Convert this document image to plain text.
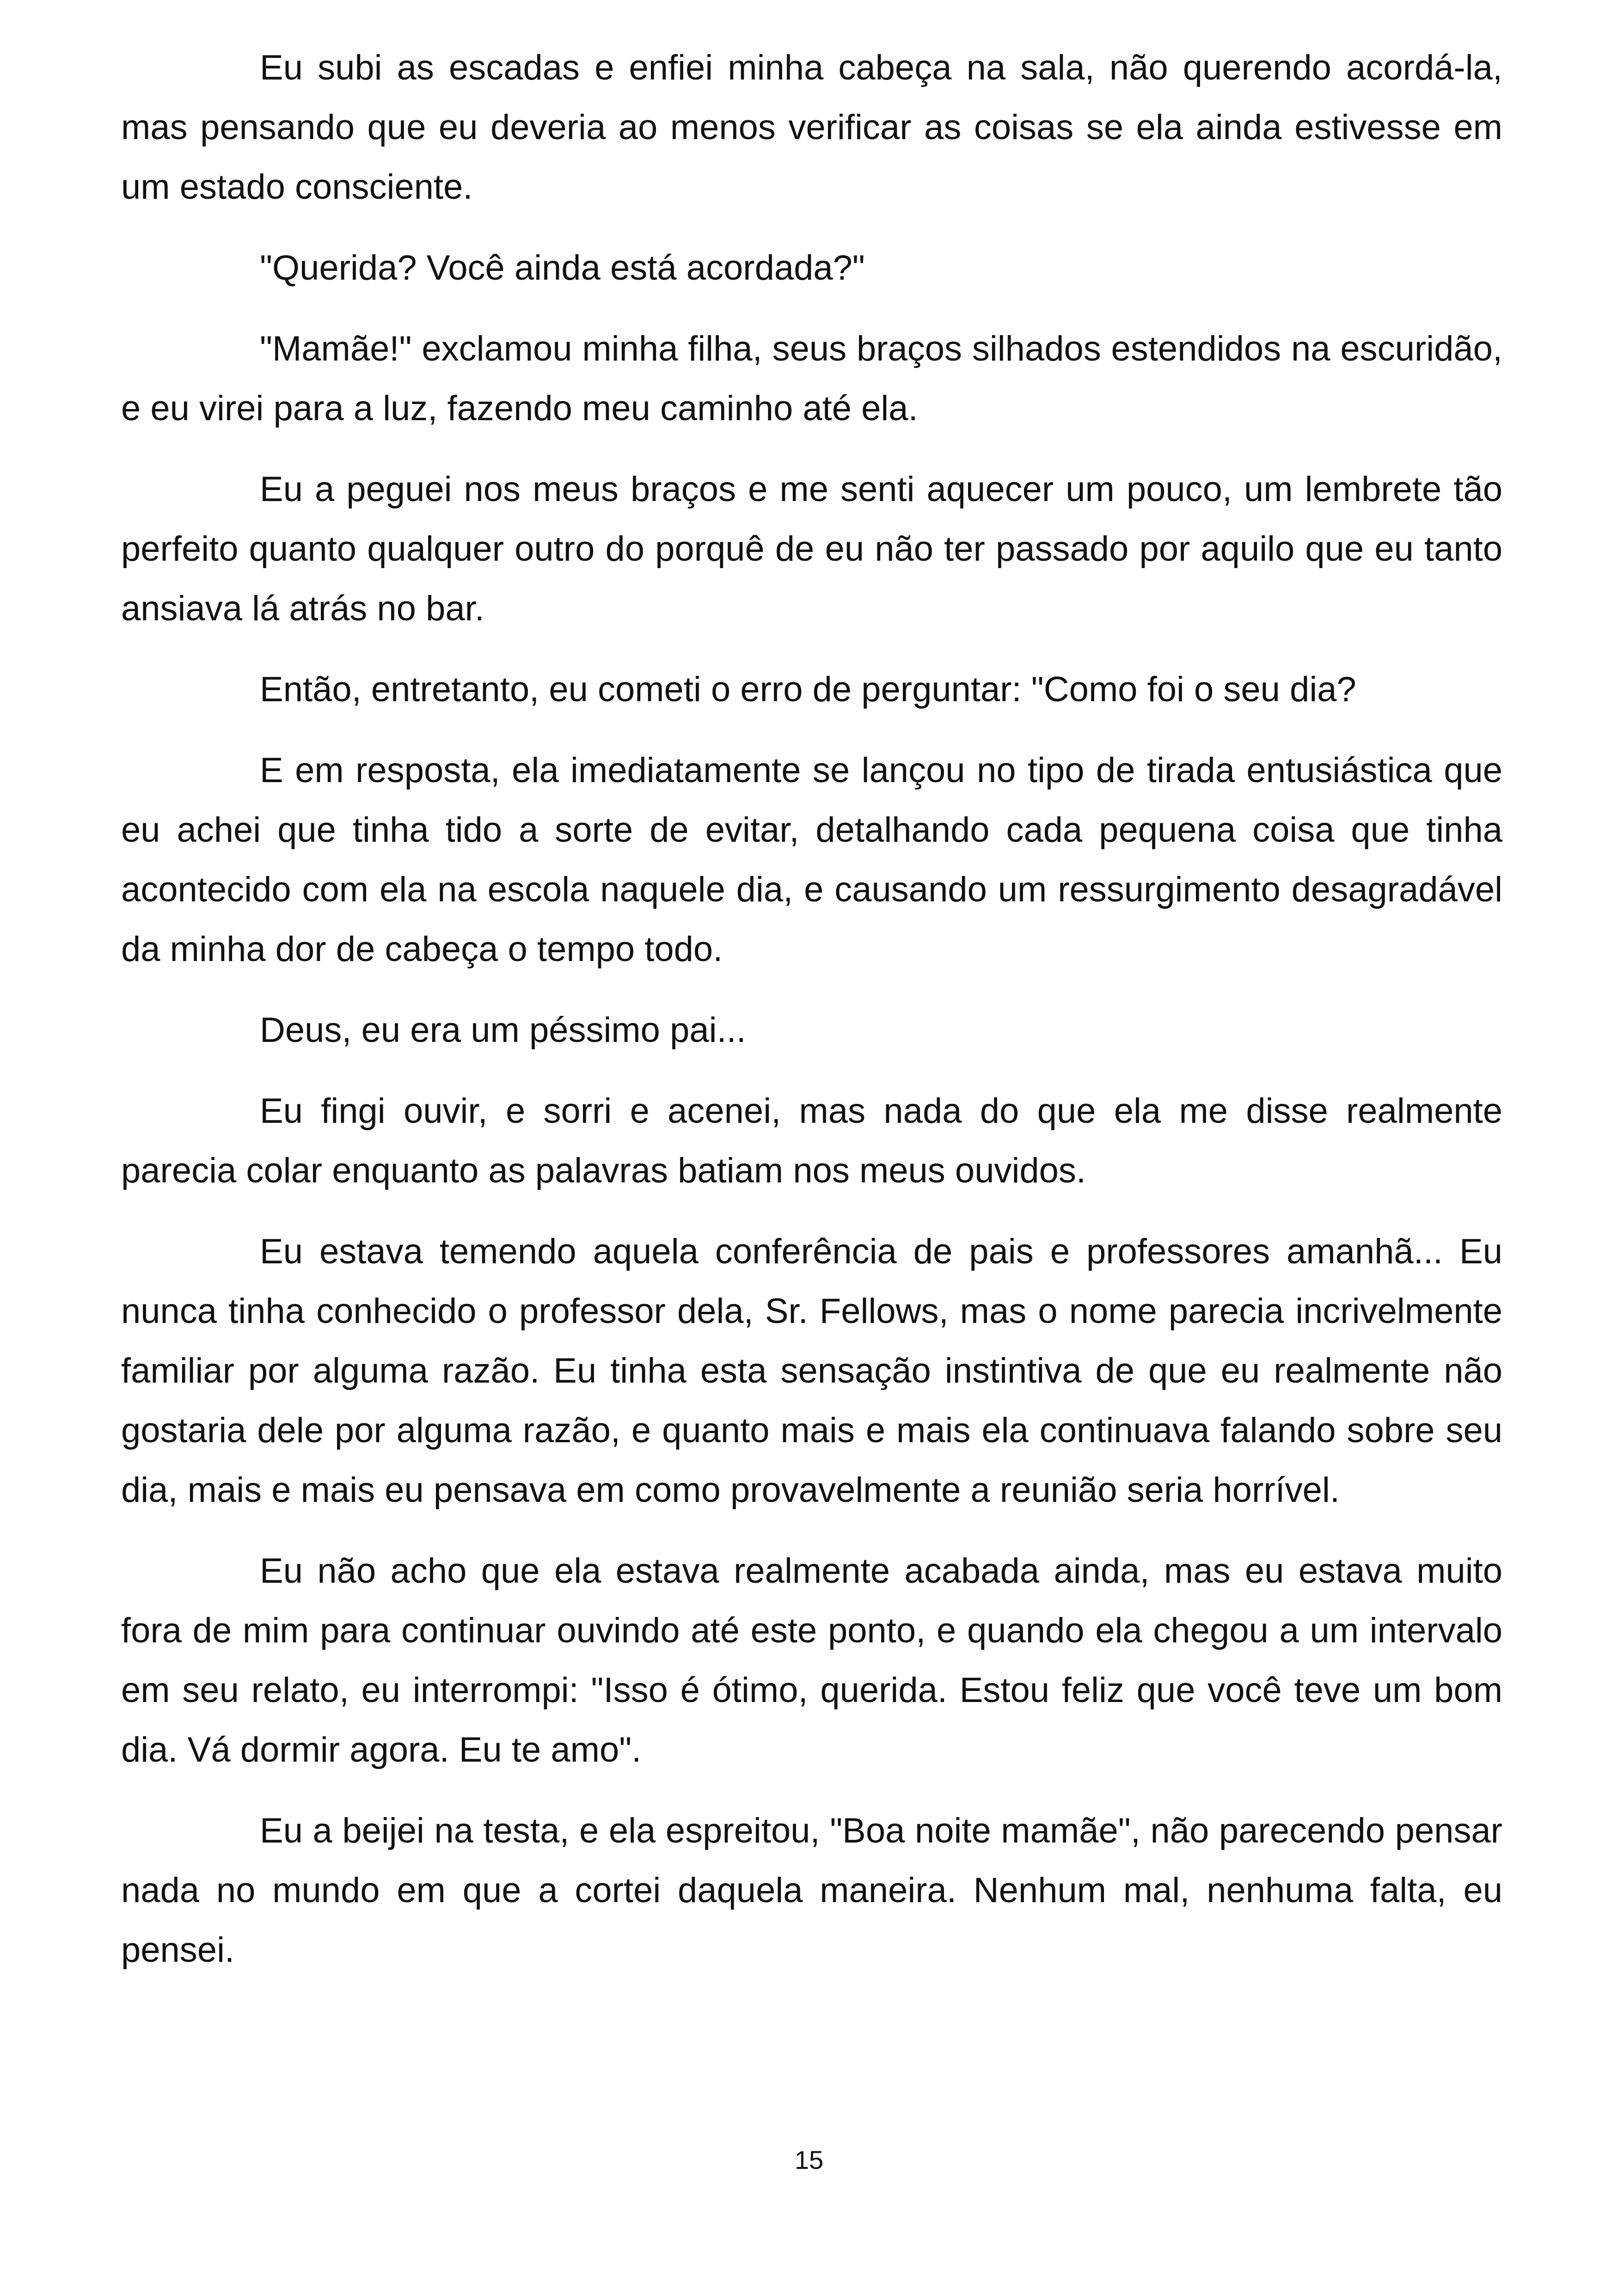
Eu subi as escadas e enfiei minha cabeça na sala, não querendo acordá-la, mas pensando que eu deveria ao menos verificar as coisas se ela ainda estivesse em um estado consciente.

"Querida? Você ainda está acordada?"

"Mamãe!" exclamou minha filha, seus braços silhados estendidos na escuridão, e eu virei para a luz, fazendo meu caminho até ela.

Eu a peguei nos meus braços e me senti aquecer um pouco, um lembrete tão perfeito quanto qualquer outro do porquê de eu não ter passado por aquilo que eu tanto ansiava lá atrás no bar.

Então, entretanto, eu cometi o erro de perguntar: "Como foi o seu dia?

E em resposta, ela imediatamente se lançou no tipo de tirada entusiástica que eu achei que tinha tido a sorte de evitar, detalhando cada pequena coisa que tinha acontecido com ela na escola naquele dia, e causando um ressurgimento desagradável da minha dor de cabeça o tempo todo.

Deus, eu era um péssimo pai...

Eu fingi ouvir, e sorri e acenei, mas nada do que ela me disse realmente parecia colar enquanto as palavras batiam nos meus ouvidos.

Eu estava temendo aquela conferência de pais e professores amanhã... Eu nunca tinha conhecido o professor dela, Sr. Fellows, mas o nome parecia incrivelmente familiar por alguma razão. Eu tinha esta sensação instintiva de que eu realmente não gostaria dele por alguma razão, e quanto mais e mais ela continuava falando sobre seu dia, mais e mais eu pensava em como provavelmente a reunião seria horrível.

Eu não acho que ela estava realmente acabada ainda, mas eu estava muito fora de mim para continuar ouvindo até este ponto, e quando ela chegou a um intervalo em seu relato, eu interrompi: "Isso é ótimo, querida. Estou feliz que você teve um bom dia. Vá dormir agora. Eu te amo".

Eu a beijei na testa, e ela espreitou, "Boa noite mamãe", não parecendo pensar nada no mundo em que a cortei daquela maneira. Nenhum mal, nenhuma falta, eu pensei.

15
